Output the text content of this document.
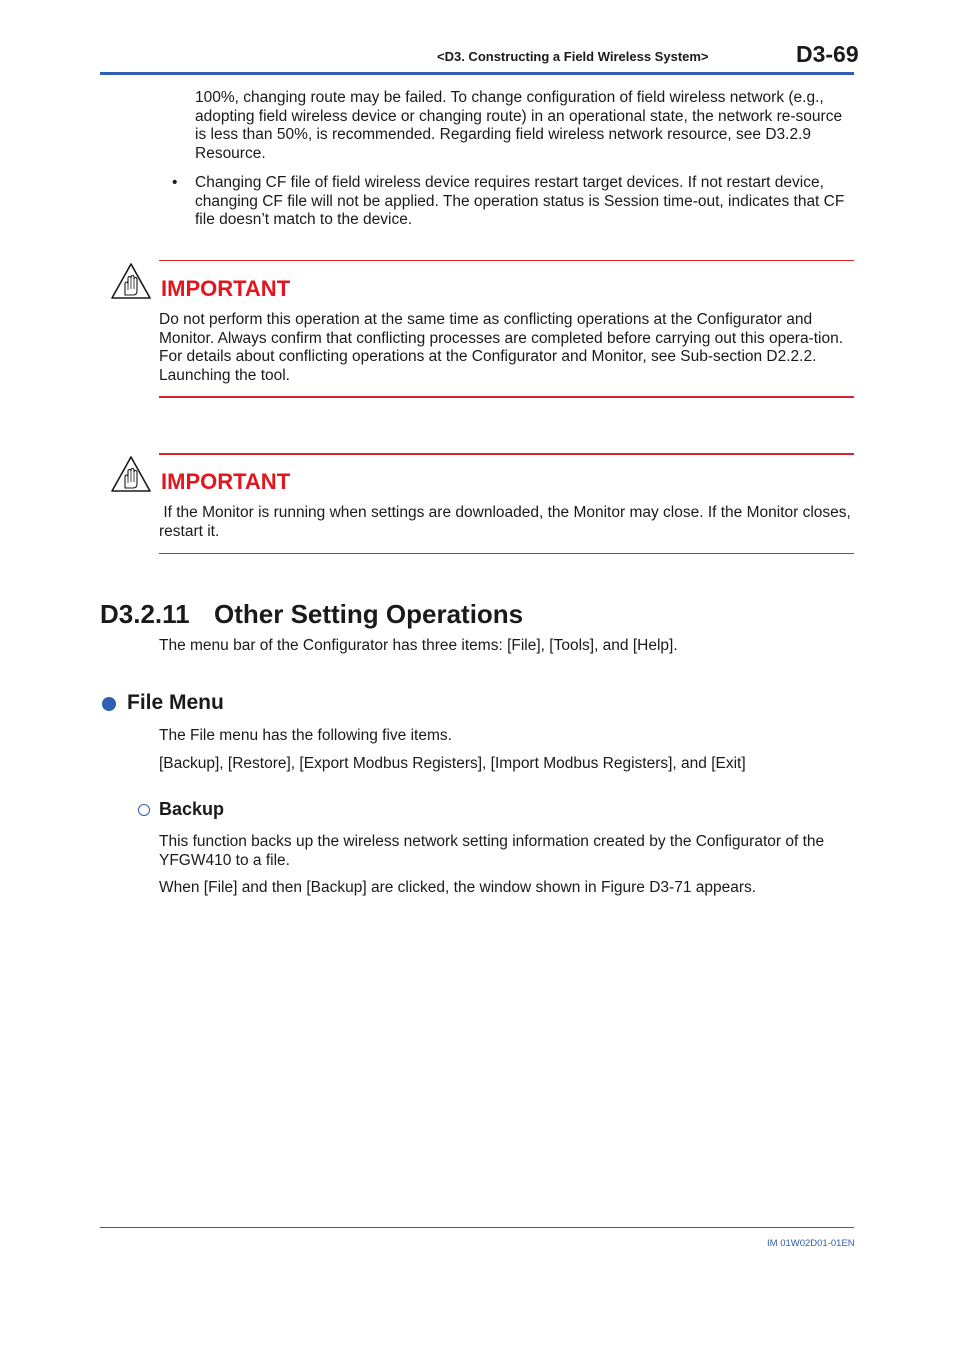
<D3. Constructing a Field Wireless System>	D3-69
100%, changing route may be failed. To change configuration of field wireless network (e.g., adopting field wireless device or changing route) in an operational state, the network re-source is less than 50%, is recommended. Regarding field wireless network resource, see D3.2.9 Resource.
• Changing CF file of field wireless device requires restart target devices. If not restart device, changing CF file will not be applied. The operation status is Session time-out, indicates that CF file doesn’t match to the device.
IMPORTANT
Do not perform this operation at the same time as conflicting operations at the Configurator and Monitor. Always confirm that conflicting processes are completed before carrying out this opera-tion. For details about conflicting operations at the Configurator and Monitor, see Sub-section D2.2.2. Launching the tool.
IMPORTANT
If the Monitor is running when settings are downloaded, the Monitor may close. If the Monitor closes, restart it.
D3.2.11 Other Setting Operations
The menu bar of the Configurator has three items: [File], [Tools], and [Help].
File Menu
The File menu has the following five items.
[Backup], [Restore], [Export Modbus Registers], [Import Modbus Registers], and [Exit]
Backup
This function backs up the wireless network setting information created by the Configurator of the YFGW410 to a file.
When [File] and then [Backup] are clicked, the window shown in Figure D3-71 appears.
IM 01W02D01-01EN
